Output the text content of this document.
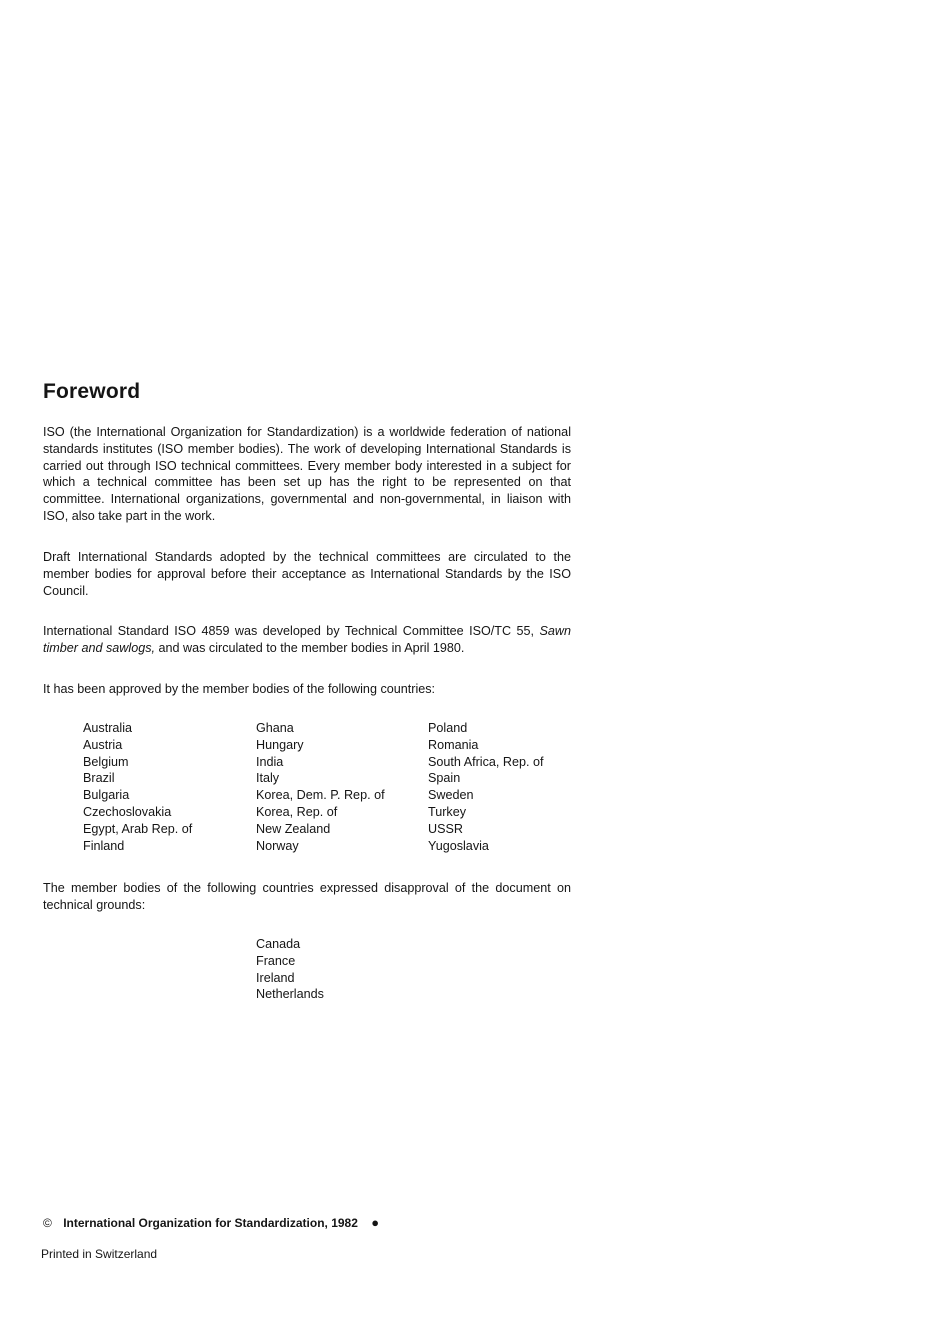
Foreword

ISO (the International Organization for Standardization) is a worldwide federation of national standards institutes (ISO member bodies). The work of developing International Standards is carried out through ISO technical committees. Every member body interested in a subject for which a technical committee has been set up has the right to be represented on that committee. International organizations, governmental and non-governmental, in liaison with ISO, also take part in the work.

Draft International Standards adopted by the technical committees are circulated to the member bodies for approval before their acceptance as International Standards by the ISO Council.

International Standard ISO 4859 was developed by Technical Committee ISO/TC 55, Sawn timber and sawlogs, and was circulated to the member bodies in April 1980.

It has been approved by the member bodies of the following countries:

Australia
Austria
Belgium
Brazil
Bulgaria
Czechoslovakia
Egypt, Arab Rep. of
Finland
Ghana
Hungary
India
Italy
Korea, Dem. P. Rep. of
Korea, Rep. of
New Zealand
Norway
Poland
Romania
South Africa, Rep. of
Spain
Sweden
Turkey
USSR
Yugoslavia

The member bodies of the following countries expressed disapproval of the document on technical grounds:

Canada
France
Ireland
Netherlands
© International Organization for Standardization, 1982 ●
Printed in Switzerland
